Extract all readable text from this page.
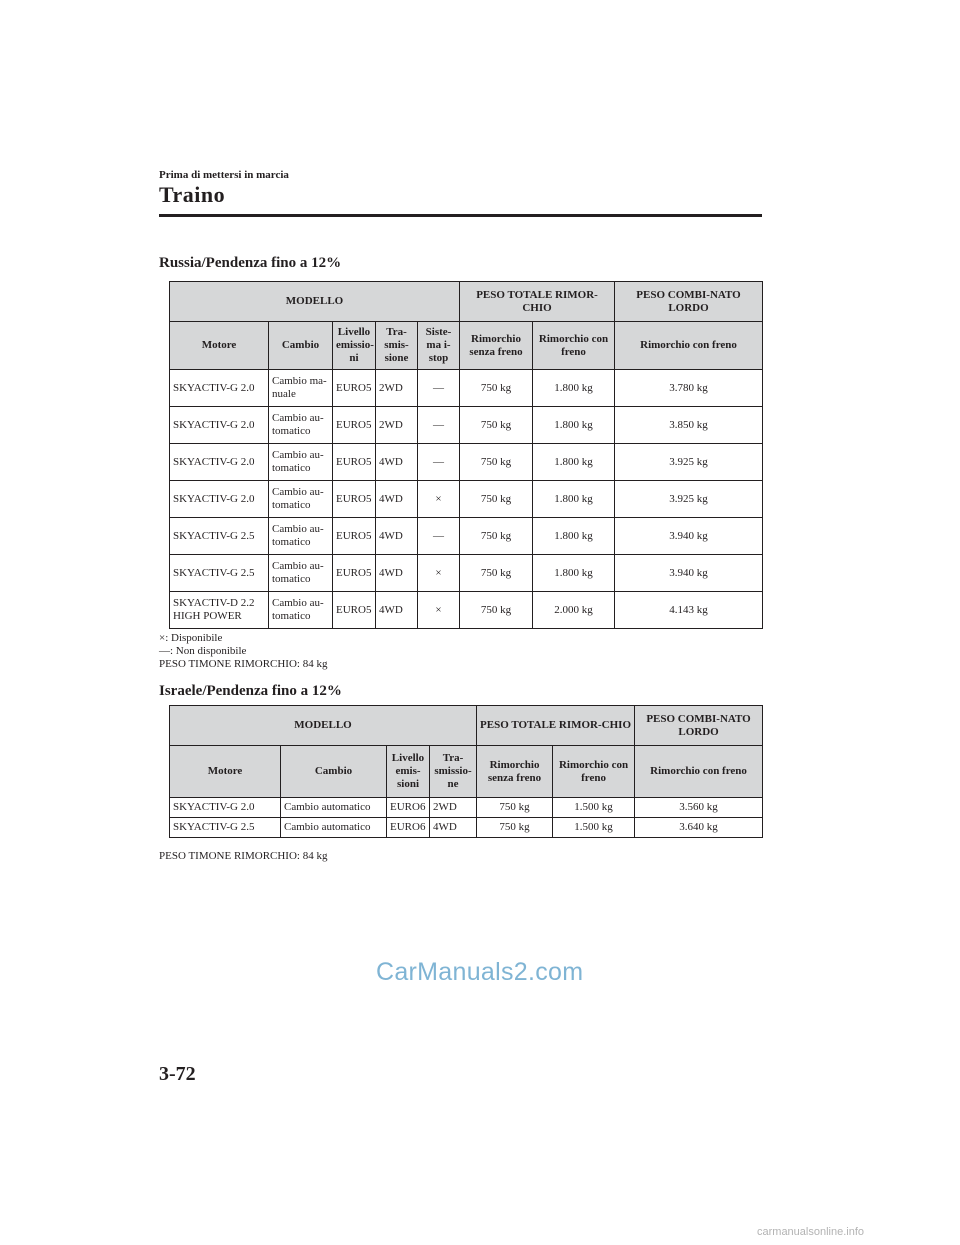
Prima di mettersi in marcia
Traino
Russia/Pendenza fino a 12%
MODELLO					PESO TOTALE RIMOR-CHIO		PESO COMBI-NATO LORDO
Motore	Cambio	Livello emissio-ni	Tra-smis-sione	Siste-ma i-stop	Rimorchio senza freno	Rimorchio con freno	Rimorchio con freno
SKYACTIV-G 2.0	Cambio ma-nuale	EURO5	2WD	—	750 kg	1.800 kg	3.780 kg
SKYACTIV-G 2.0	Cambio au-tomatico	EURO5	2WD	—	750 kg	1.800 kg	3.850 kg
SKYACTIV-G 2.0	Cambio au-tomatico	EURO5	4WD	—	750 kg	1.800 kg	3.925 kg
SKYACTIV-G 2.0	Cambio au-tomatico	EURO5	4WD	×	750 kg	1.800 kg	3.925 kg
SKYACTIV-G 2.5	Cambio au-tomatico	EURO5	4WD	—	750 kg	1.800 kg	3.940 kg
SKYACTIV-G 2.5	Cambio au-tomatico	EURO5	4WD	×	750 kg	1.800 kg	3.940 kg
SKYACTIV-D 2.2 HIGH POWER	Cambio au-tomatico	EURO5	4WD	×	750 kg	2.000 kg	4.143 kg
×: Disponibile
—: Non disponibile
PESO TIMONE RIMORCHIO: 84 kg
Israele/Pendenza fino a 12%
MODELLO				PESO TOTALE RIMOR-CHIO		PESO COMBI-NATO LORDO
Motore	Cambio	Livello emis-sioni	Tra-smissio-ne	Rimorchio senza freno	Rimorchio con freno	Rimorchio con freno
SKYACTIV-G 2.0	Cambio automatico	EURO6	2WD	750 kg	1.500 kg	3.560 kg
SKYACTIV-G 2.5	Cambio automatico	EURO6	4WD	750 kg	1.500 kg	3.640 kg
PESO TIMONE RIMORCHIO: 84 kg
CarManuals2.com
3-72
carmanualsonline.info
